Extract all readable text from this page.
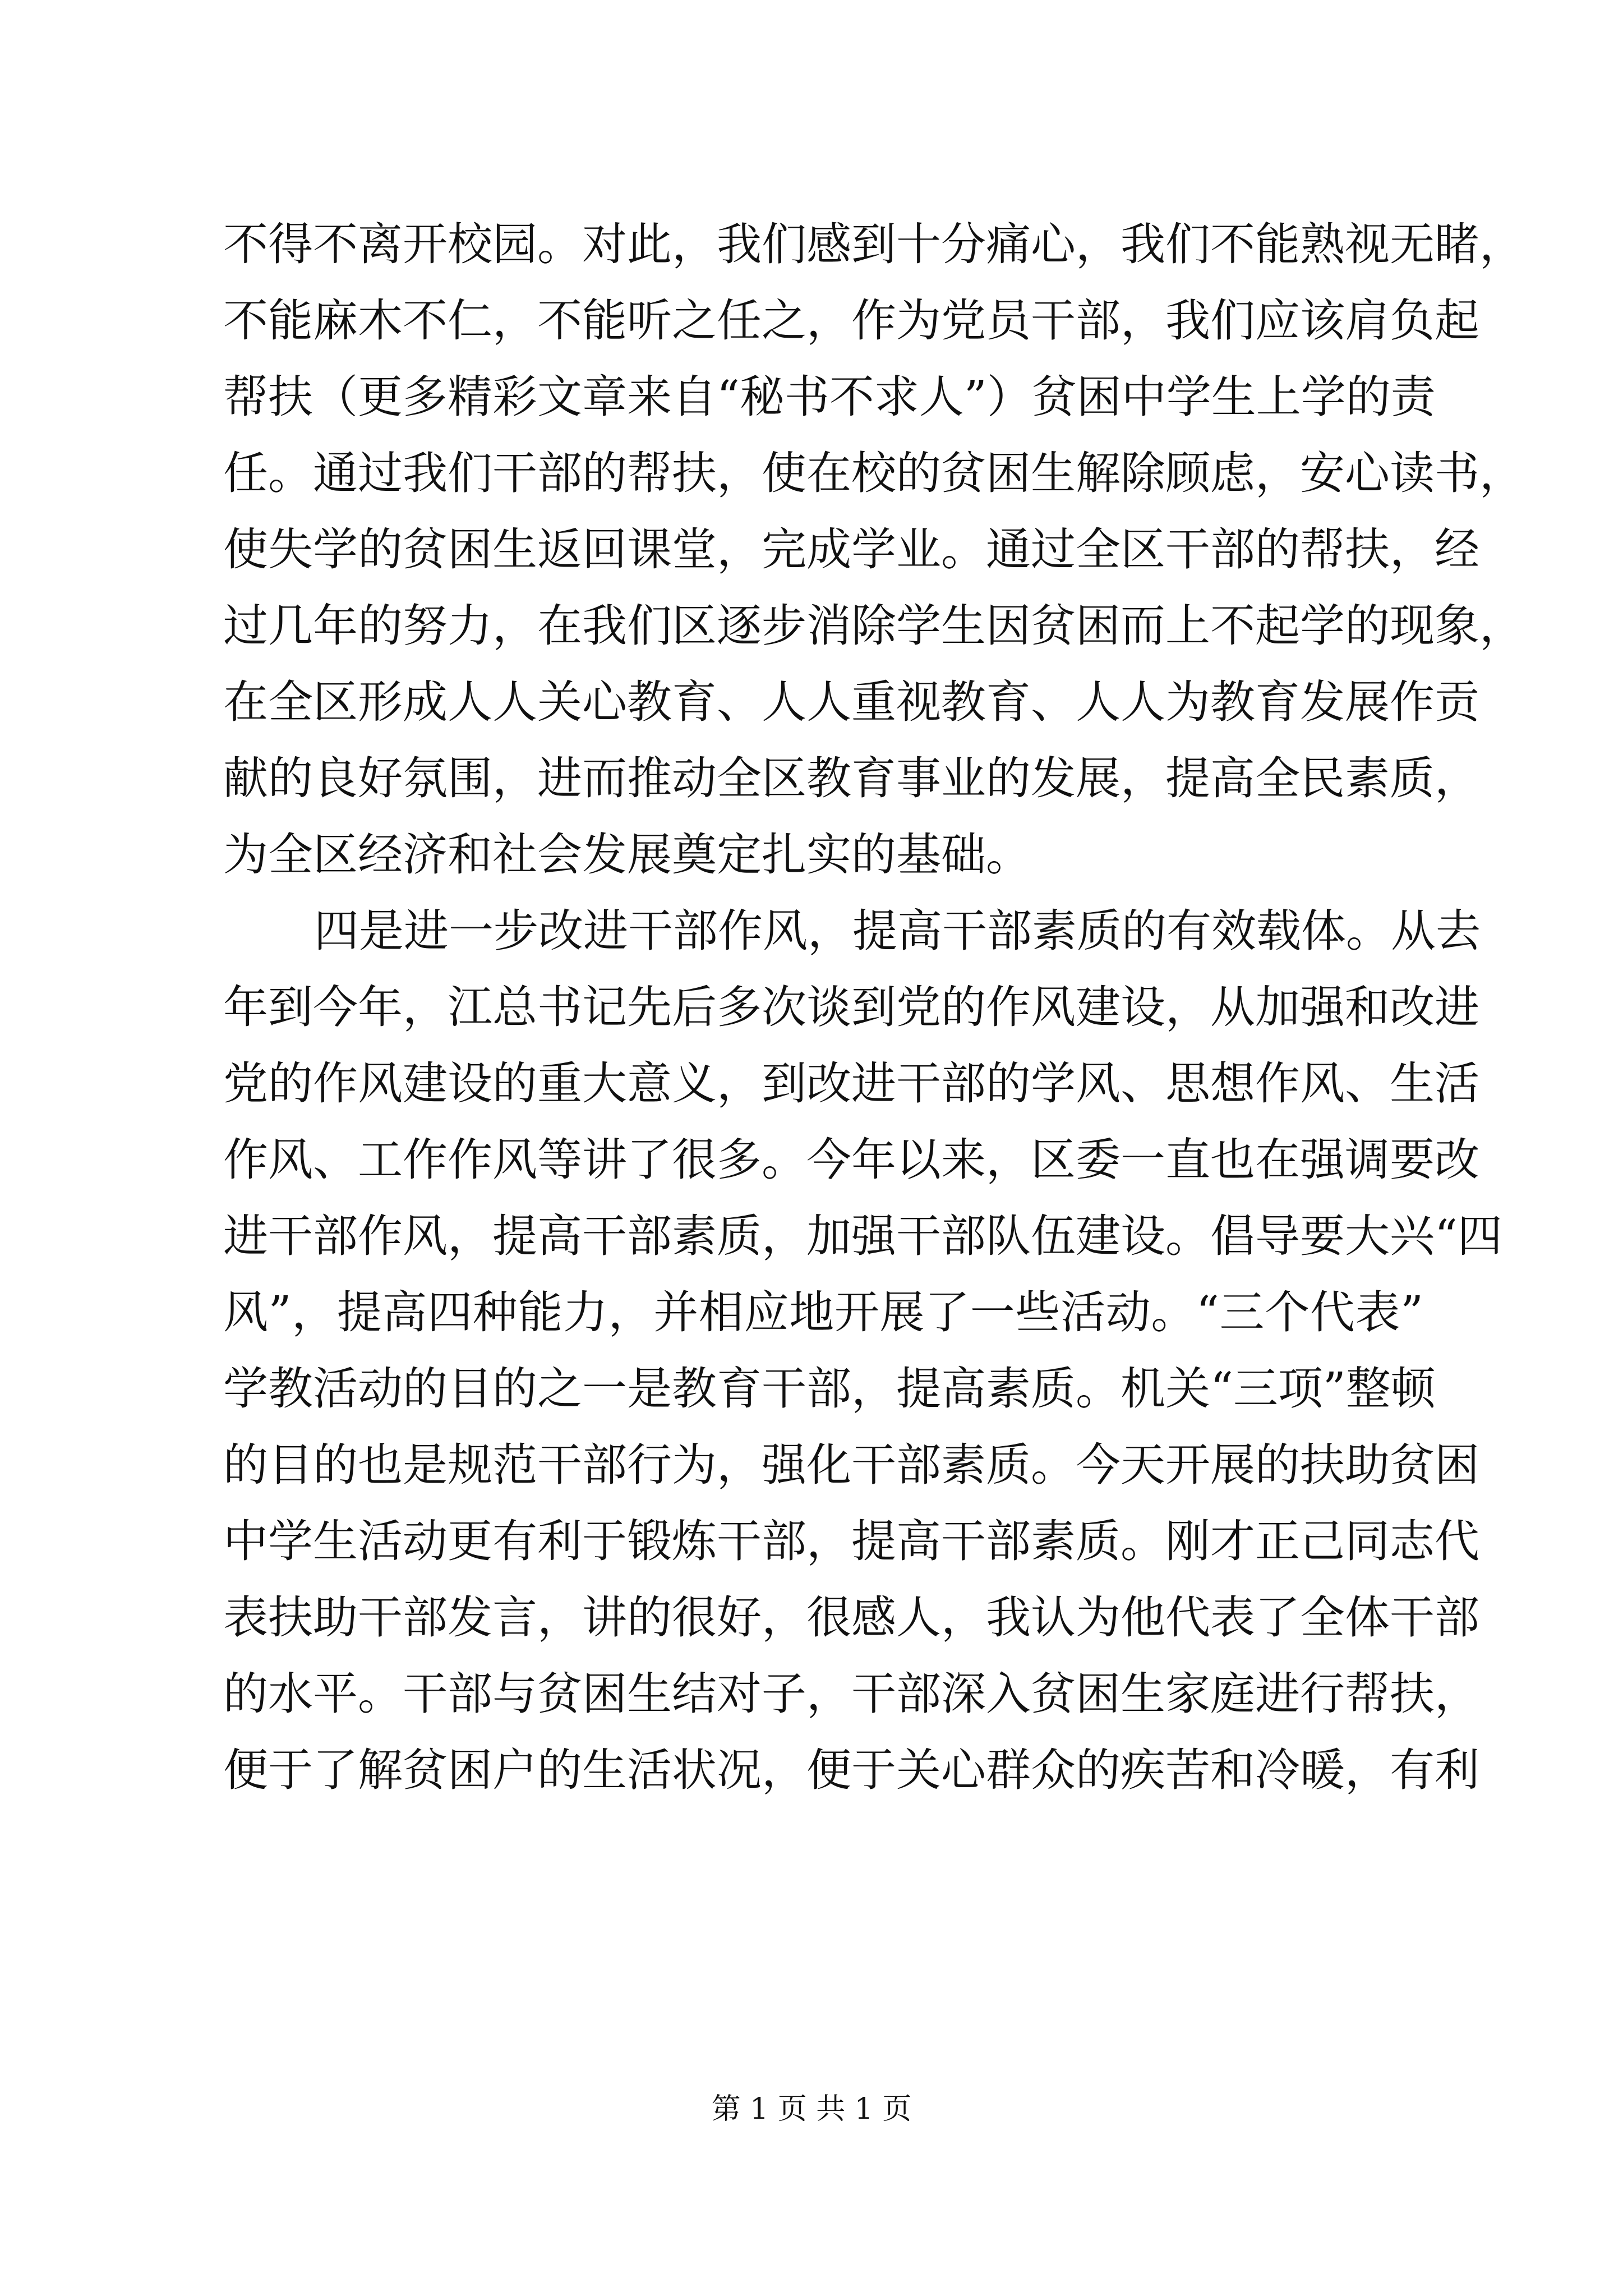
不得不离开校园。对此，我们感到十分痛心，我们不能熟视无睹，
不能麻木不仁，不能听之任之，作为党员干部，我们应该肩负起
帮扶（更多精彩文章来自“秘书不求人”）贫困中学生上学的责
任。通过我们干部的帮扶，使在校的贫困生解除顾虑，安心读书，
使失学的贫困生返回课堂，完成学业。通过全区干部的帮扶，经
过几年的努力，在我们区逐步消除学生因贫困而上不起学的现象，
在全区形成人人关心教育、人人重视教育、人人为教育发展作贡
献的良好氛围，进而推动全区教育事业的发展，提高全民素质，
为全区经济和社会发展奠定扎实的基础。
四是进一步改进干部作风，提高干部素质的有效载体。从去
年到今年，江总书记先后多次谈到党的作风建设，从加强和改进
党的作风建设的重大意义，到改进干部的学风、思想作风、生活
作风、工作作风等讲了很多。今年以来，区委一直也在强调要改
进干部作风，提高干部素质，加强干部队伍建设。倡导要大兴“四
风”，提高四种能力，并相应地开展了一些活动。“三个代表”
学教活动的目的之一是教育干部，提高素质。机关“三项”整顿
的目的也是规范干部行为，强化干部素质。今天开展的扶助贫困
中学生活动更有利于锻炼干部，提高干部素质。刚才正己同志代
表扶助干部发言，讲的很好，很感人，我认为他代表了全体干部
的水平。干部与贫困生结对子，干部深入贫困生家庭进行帮扶，
便于了解贫困户的生活状况，便于关心群众的疾苦和冷暖，有利
第 1 页 共 1 页
